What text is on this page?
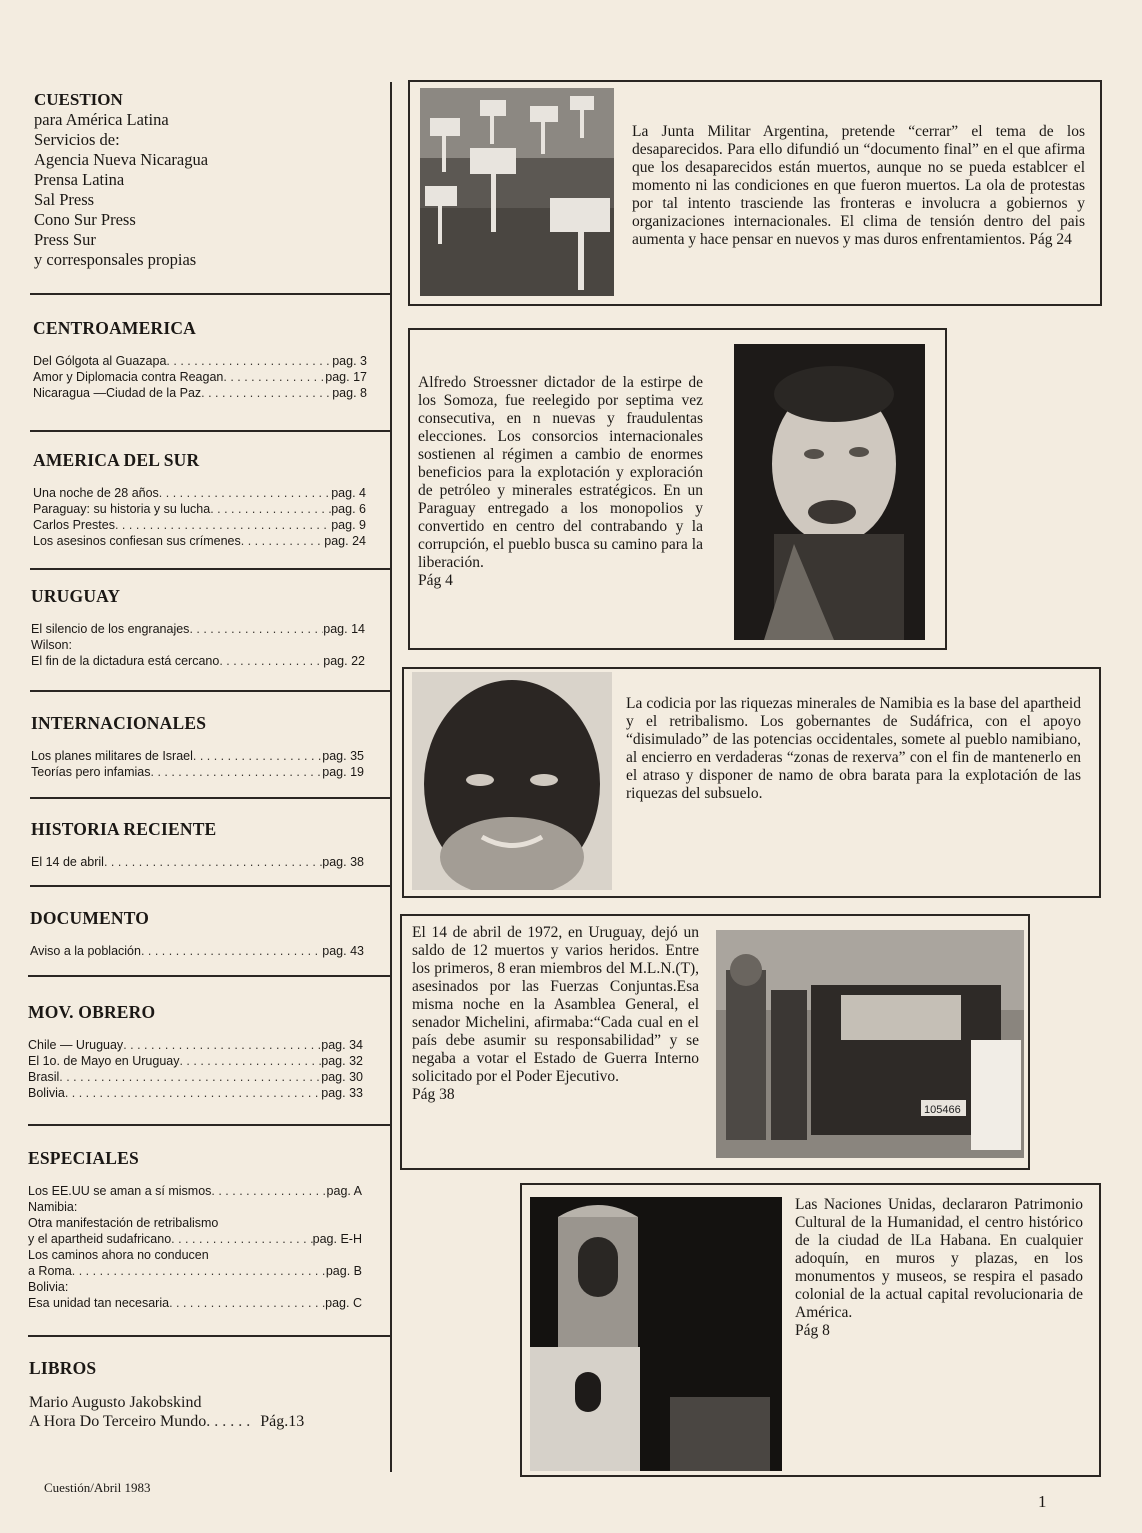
CUESTION
para América Latina
Servicios de:
Agencia Nueva Nicaragua
Prensa Latina
Sal Press
Cono Sur Press
Press Sur
y corresponsales propias
CENTROAMERICA
Del Gólgota al Guazapa . . .	pag. 3
Amor y Diplomacia contra Reagan . . .	pag. 17
Nicaragua —Ciudad de la Paz . . .	pag. 8
AMERICA DEL SUR
Una noche de 28 años . . .	pag. 4
Paraguay: su historia y su lucha . . .	pag. 6
Carlos Prestes . . .	pag. 9
Los asesinos confiesan sus crímenes . . .	pag. 24
URUGUAY
El silencio de los engranajes . . .	pag. 14
Wilson:
El fin de la dictadura está cercano . . .	pag. 22
INTERNACIONALES
Los planes militares de Israel . . .	pag. 35
Teorías pero infamias . . .	pag. 19
HISTORIA RECIENTE
El 14 de abril . . .	pag. 38
DOCUMENTO
Aviso a la población . . .	pag. 43
MOV. OBRERO
Chile — Uruguay . . .	pag. 34
El 1o. de Mayo en Uruguay . . .	pag. 32
Brasil . . .	pag. 30
Bolivia . . .	pag. 33
ESPECIALES
Los EE.UU se aman a sí mismos . . .	pag. A
Namibia:
Otra manifestación de retribalismo
y el apartheid sudafricano . . .	pag. E-H
Los caminos ahora no conducen
a Roma . . .	pag. B
Bolivia:
Esa unidad tan necesaria . . .	pag. C
LIBROS
Mario Augusto Jakobskind
A Hora Do Terceiro Mundo . . .	Pág.13
Cuestión/Abril 1983
1
La Junta Militar Argentina, pretende “cerrar” el tema de los desaparecidos. Para ello difundió un “documento final” en el que afirma que los desaparecidos están muertos, aunque no se pueda establcer el momento ni las condiciones en que fueron muertos. La ola de protestas por tal intento trasciende las fronteras e involucra a gobiernos y organizaciones internacionales. El clima de tensión dentro del pais aumenta y hace pensar en nuevos y mas duros enfrentamientos. Pág 24
Alfredo Stroessner dictador de la estirpe de los Somoza, fue reelegido por septima vez consecutiva, en n nuevas y fraudulentas elecciones. Los consorcios internacionales sostienen al régimen a cambio de enormes beneficios para la explotación y exploración de petróleo y minerales estratégicos. En un Paraguay entregado a los monopolios y convertido en centro del contrabando y la corrupción, el pueblo busca su camino para la liberación.
Pág 4
La codicia por las riquezas minerales de Namibia es la base del apartheid y el retribalismo. Los gobernantes de Sudáfrica, con el apoyo “disimulado” de las potencias occidentales, somete al pueblo namibiano, al encierro en verdaderas “zonas de rexerva” con el fin de mantenerlo en el atraso y disponer de namo de obra barata para la explotación de las riquezas del subsuelo.
El 14 de abril de 1972, en Uruguay, dejó un saldo de 12 muertos y varios heridos. Entre los primeros, 8 eran miembros del M.L.N.(T), asesinados por las Fuerzas Conjuntas.Esa misma noche en la Asamblea General, el senador Michelini, afirmaba:“Cada cual en el país debe asumir su responsabilidad” y se negaba a votar el Estado de Guerra Interno solicitado por el Poder Ejecutivo.
Pág 38
105466
Las Naciones Unidas, declararon Patrimonio Cultural de la Humanidad, el centro histórico de la ciudad de lLa Habana. En cualquier adoquín, en muros y plazas, en los monumentos y museos, se respira el pasado colonial de la actual capital revolucionaria de América.
Pág 8
